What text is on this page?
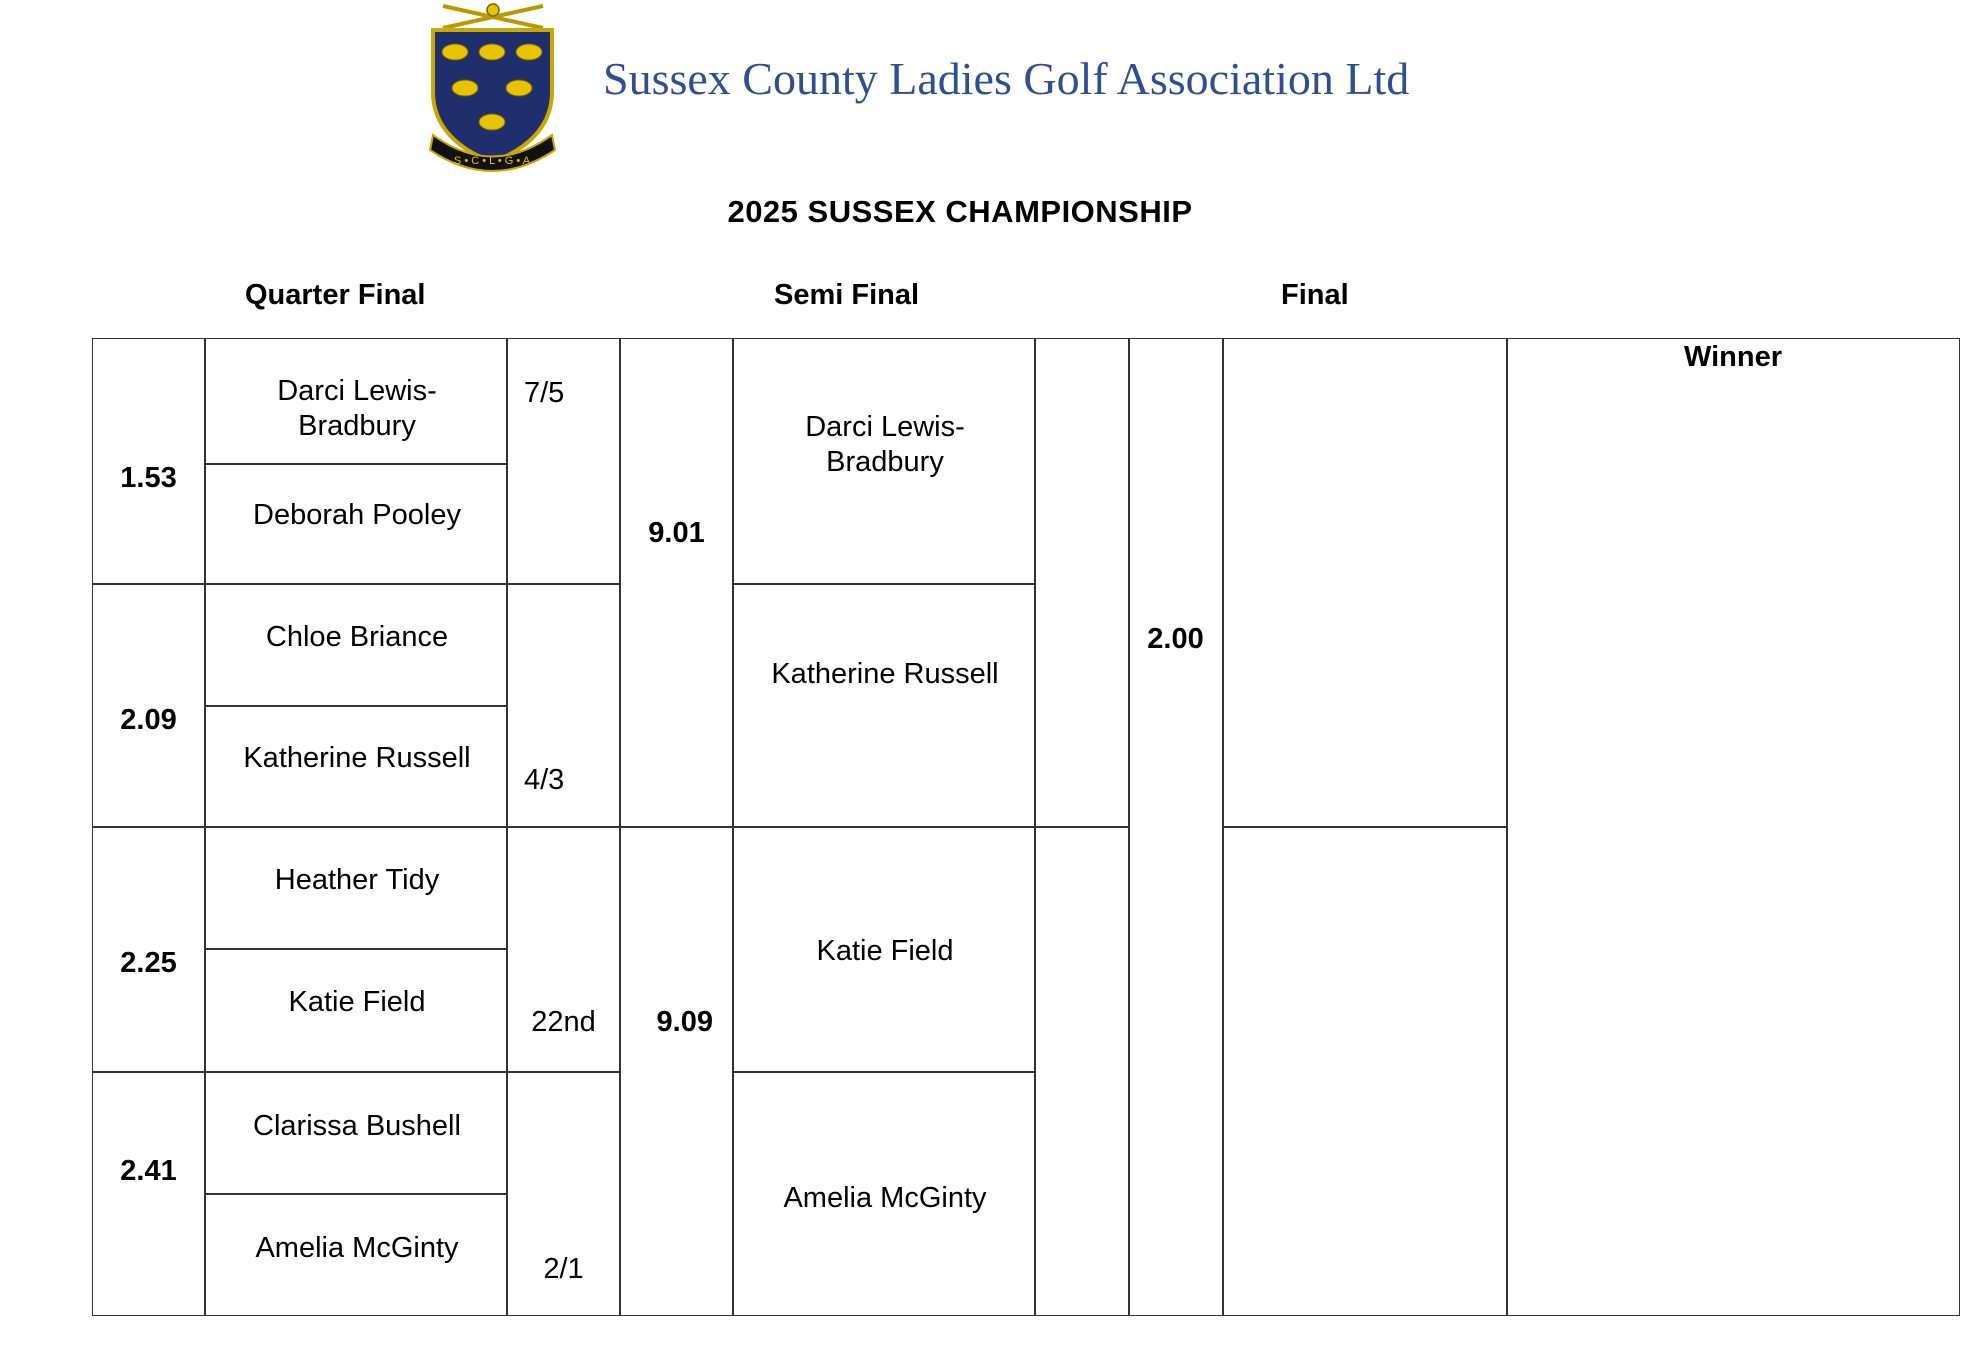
S • C • L • G • A
Sussex County Ladies Golf Association Ltd
2025 SUSSEX CHAMPIONSHIP
Quarter Final	Semi Final	Final
1.53
2.09
2.25
2.41
Darci Lewis-Bradbury
Deborah Pooley
Chloe Briance
Katherine Russell
Heather Tidy
Katie Field
Clarissa Bushell
Amelia McGinty
7/5
4/3
22nd
2/1
9.01
9.09
Darci Lewis-Bradbury
Katherine Russell
Katie Field
Amelia McGinty
2.00
Winner
